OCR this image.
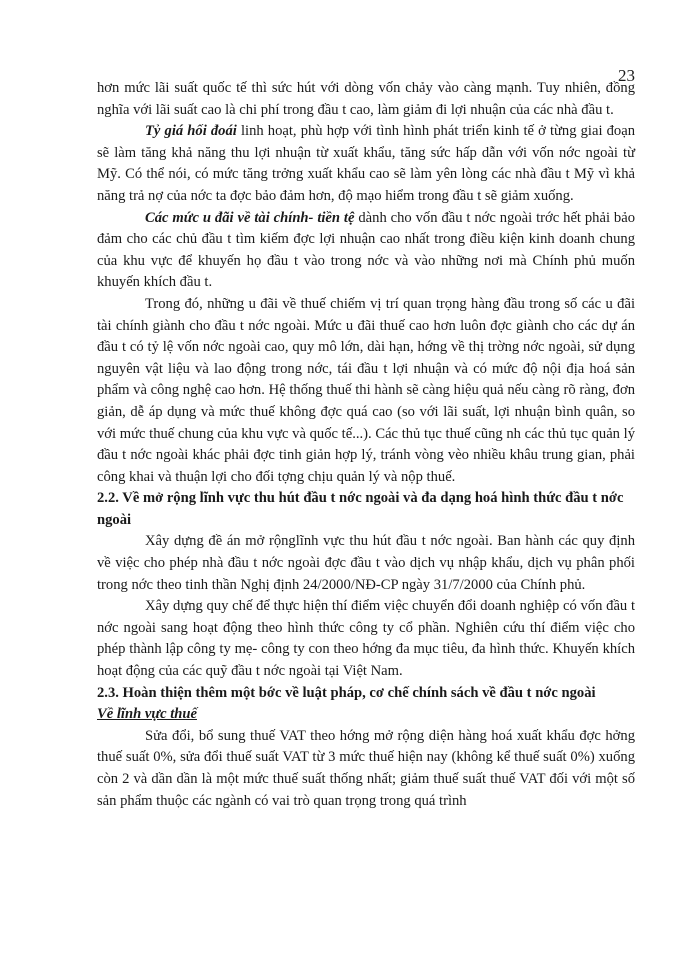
23

hơn mức lãi suất quốc tế thì sức hút với dòng vốn chảy vào càng mạnh. Tuy nhiên, đồng nghĩa với lãi suất cao là chi phí trong đầu t cao, làm giảm đi lợi nhuận của các nhà đầu t.

Tỷ giá hối đoái linh hoạt, phù hợp với tình hình phát triển kinh tế ở từng giai đoạn sẽ làm tăng khả năng thu lợi nhuận từ xuất khẩu, tăng sức hấp dẫn với vốn nớc ngoài từ Mỹ. Có thể nói, có mức tăng trởng xuất khẩu cao sẽ làm yên lòng các nhà đầu t Mỹ vì khả năng trả nợ của nớc ta đợc bảo đảm hơn, độ mạo hiểm trong đầu t sẽ giảm xuống.

Các mức u đãi về tài chính- tiền tệ dành cho vốn đầu t nớc ngoài trớc hết phải bảo đảm cho các chủ đầu t tìm kiếm đợc lợi nhuận cao nhất trong điều kiện kinh doanh chung của khu vực để khuyến họ đầu t vào trong nớc và vào những nơi mà Chính phủ muốn khuyến khích đầu t.

Trong đó, những u đãi về thuế chiếm vị trí quan trọng hàng đầu trong số các u đãi tài chính giành cho đầu t nớc ngoài. Mức u đãi thuế cao hơn luôn đợc giành cho các dự án đầu t có tỷ lệ vốn nớc ngoài cao, quy mô lớn, dài hạn, hớng về thị trờng nớc ngoài, sử dụng nguyên vật liệu và lao động trong nớc, tái đầu t lợi nhuận và có mức độ nội địa hoá sản phẩm và công nghệ cao hơn. Hệ thống thuế thi hành sẽ càng hiệu quả nếu càng rõ ràng, đơn giản, dễ áp dụng và mức thuế không đợc quá cao (so với lãi suất, lợi nhuận bình quân, so với mức thuế chung của khu vực và quốc tế...). Các thủ tục thuế cũng nh các thủ tục quản lý đầu t nớc ngoài khác phải đợc tinh giản hợp lý, tránh vòng vèo nhiều khâu trung gian, phải công khai và thuận lợi cho đối tợng chịu quản lý và nộp thuế.

2.2. Về mở rộng lĩnh vực thu hút đầu t nớc ngoài và đa dạng hoá hình thức đầu t nớc ngoài

Xây dựng đề án mở rộnglĩnh vực thu hút đầu t nớc ngoài. Ban hành các quy định về việc cho phép nhà đầu t nớc ngoài đợc đầu t vào dịch vụ nhập khẩu, dịch vụ phân phối trong nớc theo tinh thần Nghị định 24/2000/NĐ-CP ngày 31/7/2000 của Chính phủ.

Xây dựng quy chế để thực hiện thí điểm việc chuyển đổi doanh nghiệp có vốn đầu t nớc ngoài sang hoạt động theo hình thức công ty cổ phần. Nghiên cứu thí điểm việc cho phép thành lập công ty mẹ- công ty con theo hớng đa mục tiêu, đa hình thức. Khuyến khích hoạt động của các quỹ đầu t nớc ngoài tại Việt Nam.

2.3. Hoàn thiện thêm một bớc về luật pháp, cơ chế chính sách về đầu t nớc ngoài
Về lĩnh vực thuế

Sửa đổi, bổ sung thuế VAT theo hớng mở rộng diện hàng hoá xuất khẩu đợc hởng thuế suất 0%, sửa đổi thuế suất VAT từ 3 mức thuế hiện nay (không kể thuế suất 0%) xuống còn 2 và dần dần là một mức thuế suất thống nhất; giảm thuế suất thuế VAT đối với một số sản phẩm thuộc các ngành có vai trò quan trọng trong quá trình
